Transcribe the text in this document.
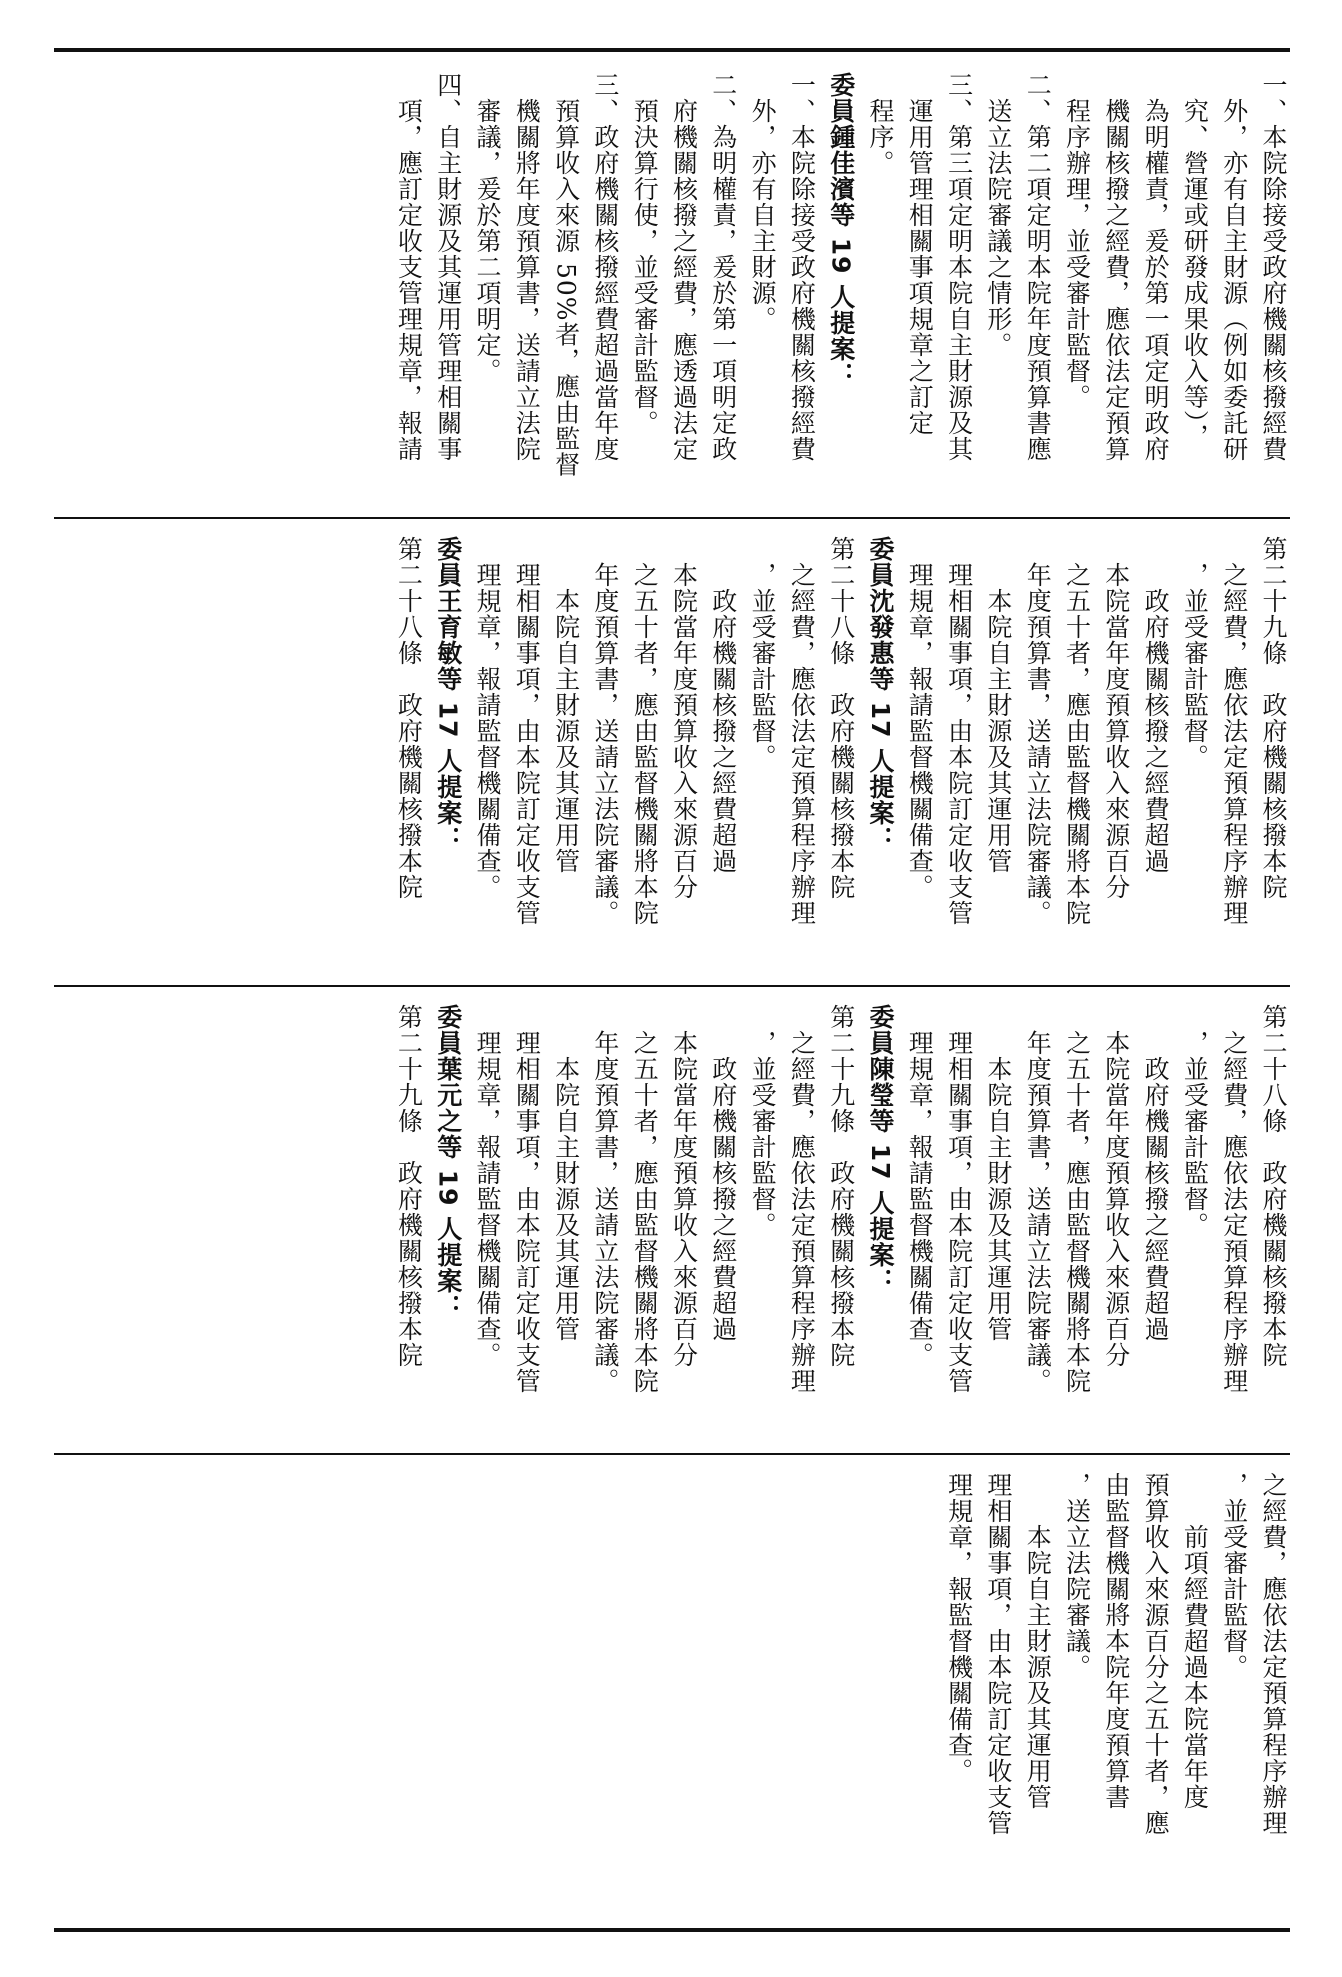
一、本院除接受政府機關核撥經費
　外，亦有自主財源（例如委託研
　究、營運或研發成果收入等），
　為明權責，爰於第一項定明政府
　機關核撥之經費，應依法定預算
　程序辦理，並受審計監督。
二、第二項定明本院年度預算書應
　送立法院審議之情形。
三、第三項定明本院自主財源及其
　運用管理相關事項規章之訂定
　程序。
委員鍾佳濱等 19 人提案：
一、本院除接受政府機關核撥經費
　外，亦有自主財源。
二、為明權責，爰於第一項明定政
　府機關核撥之經費，應透過法定
　預決算行使，並受審計監督。
三、政府機關核撥經費超過當年度
　預算收入來源 50%者，應由監督
　機關將年度預算書，送請立法院
　審議，爰於第二項明定。
四、自主財源及其運用管理相關事
　項，應訂定收支管理規章，報請
第二十九條　政府機關核撥本院
　之經費，應依法定預算程序辦理
　，並受審計監督。
　　政府機關核撥之經費超過
　本院當年度預算收入來源百分
　之五十者，應由監督機關將本院
　年度預算書，送請立法院審議。
　　本院自主財源及其運用管
　理相關事項，由本院訂定收支管
　理規章，報請監督機關備查。
委員沈發惠等 17 人提案：
第二十八條　政府機關核撥本院
　之經費，應依法定預算程序辦理
　，並受審計監督。
　　政府機關核撥之經費超過
　本院當年度預算收入來源百分
　之五十者，應由監督機關將本院
　年度預算書，送請立法院審議。
　　本院自主財源及其運用管
　理相關事項，由本院訂定收支管
　理規章，報請監督機關備查。
委員王育敏等 17 人提案：
第二十八條　政府機關核撥本院
第二十八條　政府機關核撥本院
　之經費，應依法定預算程序辦理
　，並受審計監督。
　　政府機關核撥之經費超過
　本院當年度預算收入來源百分
　之五十者，應由監督機關將本院
　年度預算書，送請立法院審議。
　　本院自主財源及其運用管
　理相關事項，由本院訂定收支管
　理規章，報請監督機關備查。
委員陳瑩等 17 人提案：
第二十九條　政府機關核撥本院
　之經費，應依法定預算程序辦理
　，並受審計監督。
　　政府機關核撥之經費超過
　本院當年度預算收入來源百分
　之五十者，應由監督機關將本院
　年度預算書，送請立法院審議。
　　本院自主財源及其運用管
　理相關事項，由本院訂定收支管
　理規章，報請監督機關備查。
委員葉元之等 19 人提案：
第二十九條　政府機關核撥本院
之經費，應依法定預算程序辦理
，並受審計監督。
　　前項經費超過本院當年度
預算收入來源百分之五十者，應
由監督機關將本院年度預算書
，送立法院審議。
　　本院自主財源及其運用管
理相關事項，由本院訂定收支管
理規章，報監督機關備查。
